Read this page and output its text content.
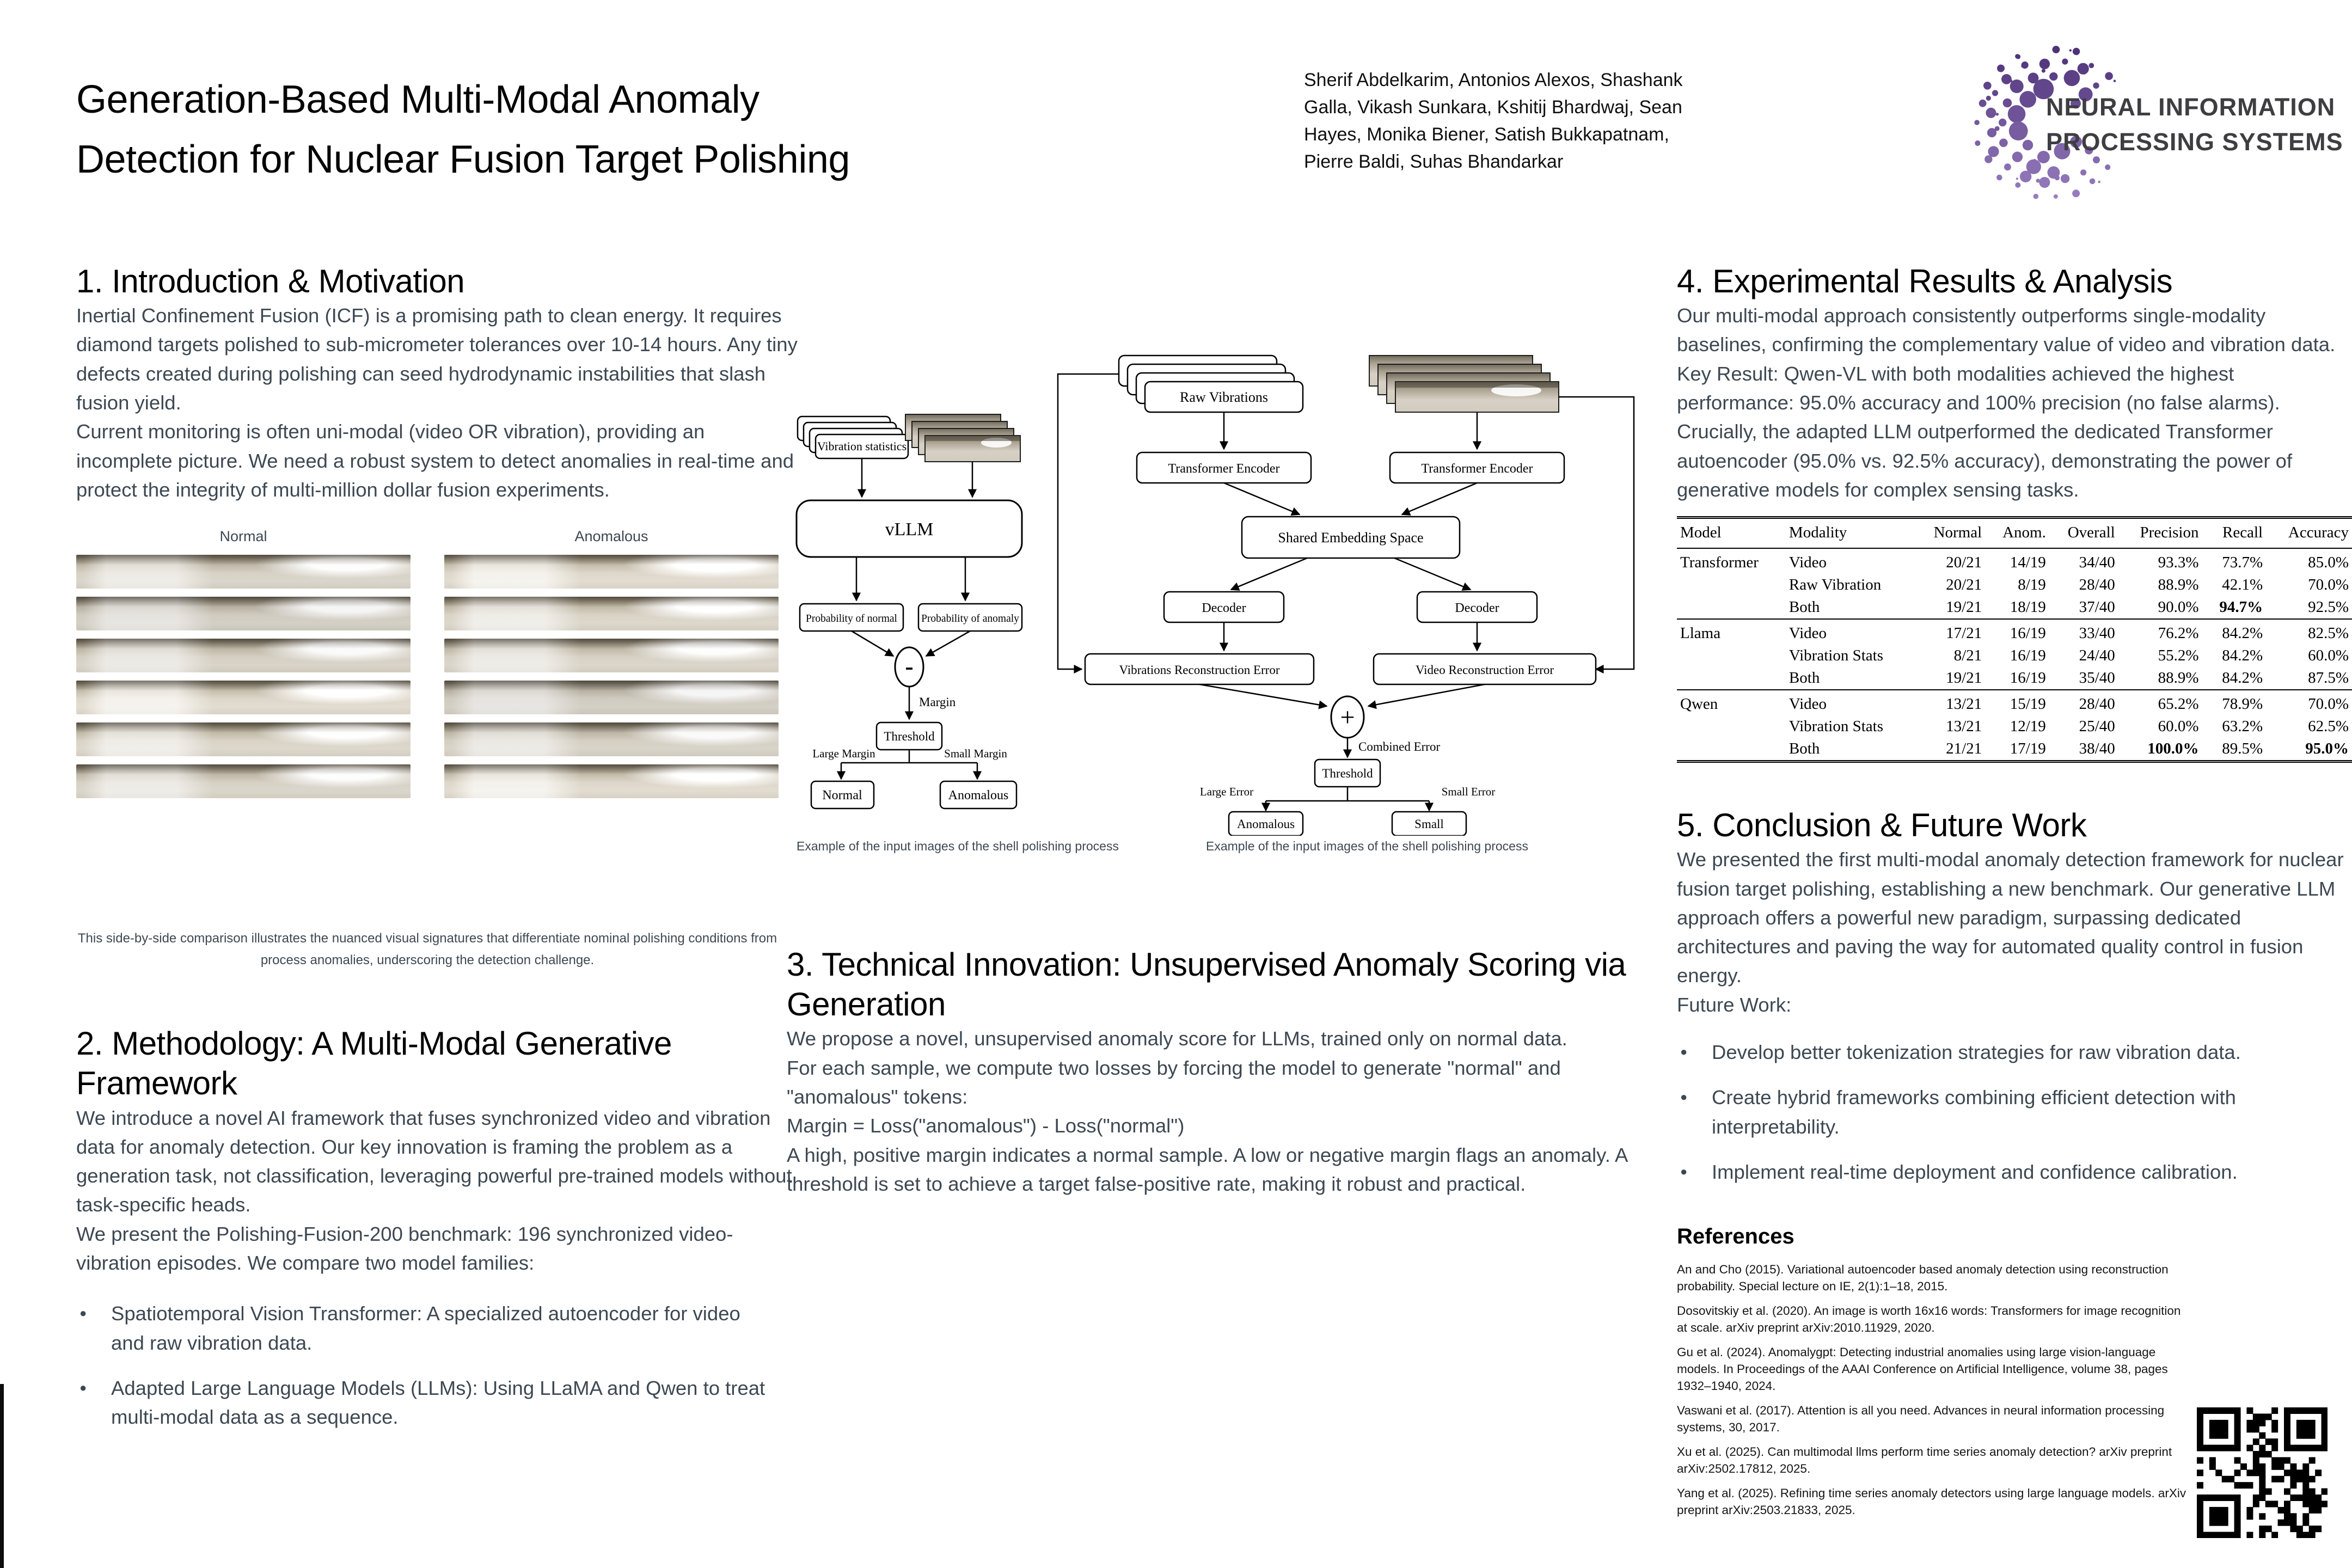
Generation-Based Multi-Modal Anomaly
Detection for Nuclear Fusion Target Polishing
Sherif Abdelkarim, Antonios Alexos, Shashank
Galla, Vikash Sunkara, Kshitij Bhardwaj, Sean
Hayes, Monika Biener, Satish Bukkapatnam,
Pierre Baldi, Suhas Bhandarkar
NEURAL INFORMATION
PROCESSING SYSTEMS
1. Introduction & Motivation

Inertial Confinement Fusion (ICF) is a promising path to clean energy. It requires diamond targets polished to sub-micrometer tolerances over 10-14 hours. Any tiny defects created during polishing can seed hydrodynamic instabilities that slash fusion yield.

Current monitoring is often uni-modal (video OR vibration), providing an incomplete picture. We need a robust system to detect anomalies in real-time and protect the integrity of multi-million dollar fusion experiments.

Normal	Anomalous
This side-by-side comparison illustrates the nuanced visual signatures that differentiate nominal polishing conditions from process anomalies, underscoring the detection challenge.
2. Methodology: A Multi-Modal Generative Framework

We introduce a novel AI framework that fuses synchronized video and vibration data for anomaly detection. Our key innovation is framing the problem as a generation task, not classification, leveraging powerful pre-trained models without task-specific heads.

We present the Polishing-Fusion-200 benchmark: 196 synchronized video-vibration episodes. We compare two model families:

● Spatiotemporal Vision Transformer: A specialized autoencoder for video and raw vibration data.
● Adapted Large Language Models (LLMs): Using LLaMA and Qwen to treat multi-modal data as a sequence.
Vibration statistics
vLLM
Probability of normal Probability of anomaly
-
Margin
Threshold
Large Margin	Small Margin
Normal	Anomalous
Raw Vibrations
Transformer Encoder	Transformer Encoder
Shared Embedding Space
Decoder	Decoder
Vibrations Reconstruction Error	Video Reconstruction Error
+
Combined Error
Threshold
Large Error	Small Error
Anomalous	Small
Example of the input images of the shell polishing process	Example of the input images of the shell polishing process
3. Technical Innovation: Unsupervised Anomaly Scoring via Generation

We propose a novel, unsupervised anomaly score for LLMs, trained only on normal data.

For each sample, we compute two losses by forcing the model to generate "normal" and "anomalous" tokens:

Margin = Loss("anomalous") - Loss("normal")

A high, positive margin indicates a normal sample. A low or negative margin flags an anomaly. A threshold is set to achieve a target false-positive rate, making it robust and practical.

4. Experimental Results & Analysis

Our multi-modal approach consistently outperforms single-modality baselines, confirming the complementary value of video and vibration data.

Key Result: Qwen-VL with both modalities achieved the highest performance: 95.0% accuracy and 100% precision (no false alarms).

Crucially, the adapted LLM outperformed the dedicated Transformer autoencoder (95.0% vs. 92.5% accuracy), demonstrating the power of generative models for complex sensing tasks.

Model	Modality	Normal	Anom.	Overall	Precision	Recall	Accuracy
Transformer	Video	20/21	14/19	34/40	93.3%	73.7%	85.0%
	Raw Vibration	20/21	8/19	28/40	88.9%	42.1%	70.0%
	Both	19/21	18/19	37/40	90.0%	94.7%	92.5%
Llama	Video	17/21	16/19	33/40	76.2%	84.2%	82.5%
	Vibration Stats	8/21	16/19	24/40	55.2%	84.2%	60.0%
	Both	19/21	16/19	35/40	88.9%	84.2%	87.5%
Qwen	Video	13/21	15/19	28/40	65.2%	78.9%	70.0%
	Vibration Stats	13/21	12/19	25/40	60.0%	63.2%	62.5%
	Both	21/21	17/19	38/40	100.0%	89.5%	95.0%
5. Conclusion & Future Work

We presented the first multi-modal anomaly detection framework for nuclear fusion target polishing, establishing a new benchmark. Our generative LLM approach offers a powerful new paradigm, surpassing dedicated architectures and paving the way for automated quality control in fusion energy.

Future Work:

● Develop better tokenization strategies for raw vibration data.
● Create hybrid frameworks combining efficient detection with interpretability.
● Implement real-time deployment and confidence calibration.
References

An and Cho (2015). Variational autoencoder based anomaly detection using reconstruction probability. Special lecture on IE, 2(1):1–18, 2015.

Dosovitskiy et al. (2020). An image is worth 16x16 words: Transformers for image recognition at scale. arXiv preprint arXiv:2010.11929, 2020.

Gu et al. (2024). Anomalygpt: Detecting industrial anomalies using large vision-language models. In Proceedings of the AAAI Conference on Artificial Intelligence, volume 38, pages 1932–1940, 2024.

Vaswani et al. (2017). Attention is all you need. Advances in neural information processing systems, 30, 2017.

Xu et al. (2025). Can multimodal llms perform time series anomaly detection? arXiv preprint arXiv:2502.17812, 2025.

Yang et al. (2025). Refining time series anomaly detectors using large language models. arXiv preprint arXiv:2503.21833, 2025.
